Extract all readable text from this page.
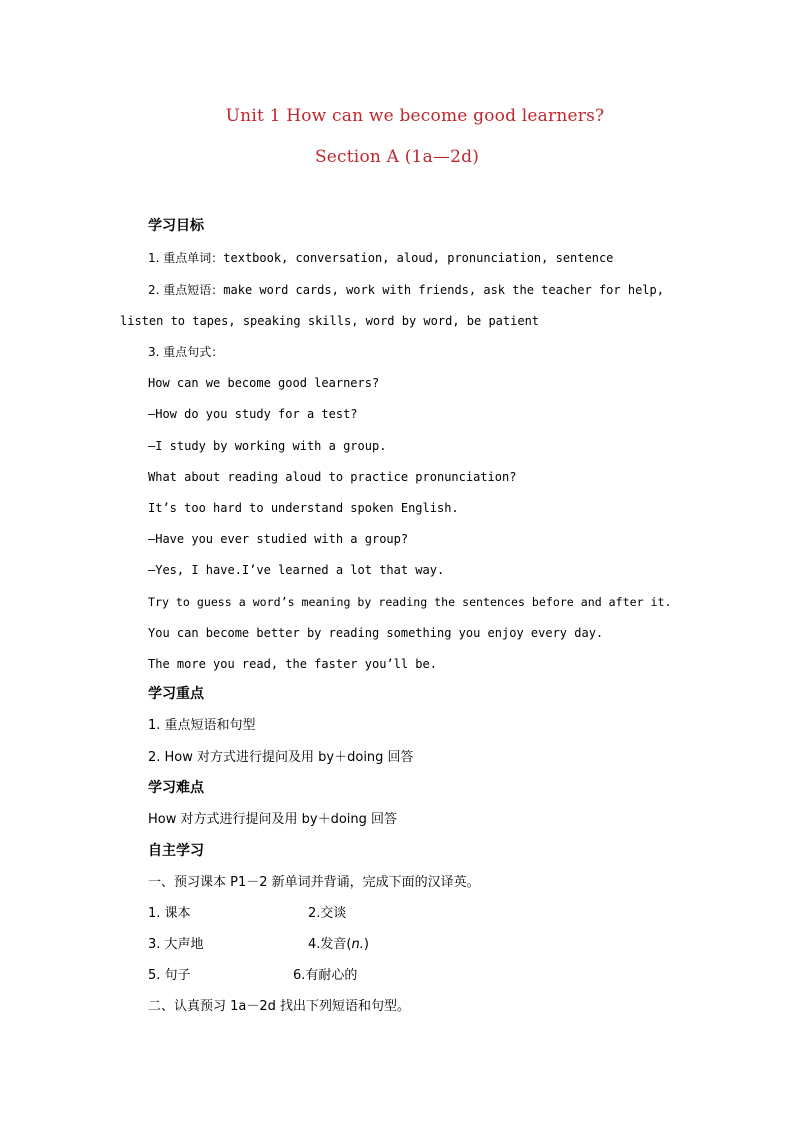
Unit 1 How can we become good learners?
Section A (1a—2d)
学习目标
1. 重点单词：textbook, conversation, aloud, pronunciation, sentence
2. 重点短语：make word cards, work with friends, ask the teacher for help,
listen to tapes, speaking skills, word by word, be patient
3. 重点句式：
How can we become good learners?
—How do you study for a test?
—I study by working with a group.
What about reading aloud to practice pronunciation?
It’s too hard to understand spoken English.
—Have you ever studied with a group?
—Yes, I have.I’ve learned a lot that way.
Try to guess a word’s meaning by reading the sentences before and after it.
You can become better by reading something you enjoy every day.
The more you read, the faster you’ll be.
学习重点
1. 重点短语和句型
2. How 对方式进行提问及用 by＋doing 回答
学习难点
How 对方式进行提问及用 by＋doing 回答
自主学习
一、预习课本 P1－2 新单词并背诵，完成下面的汉译英。
1. 课本	2.交谈
3. 大声地	4.发音(n.)
5. 句子	6.有耐心的
二、认真预习 1a－2d 找出下列短语和句型。
